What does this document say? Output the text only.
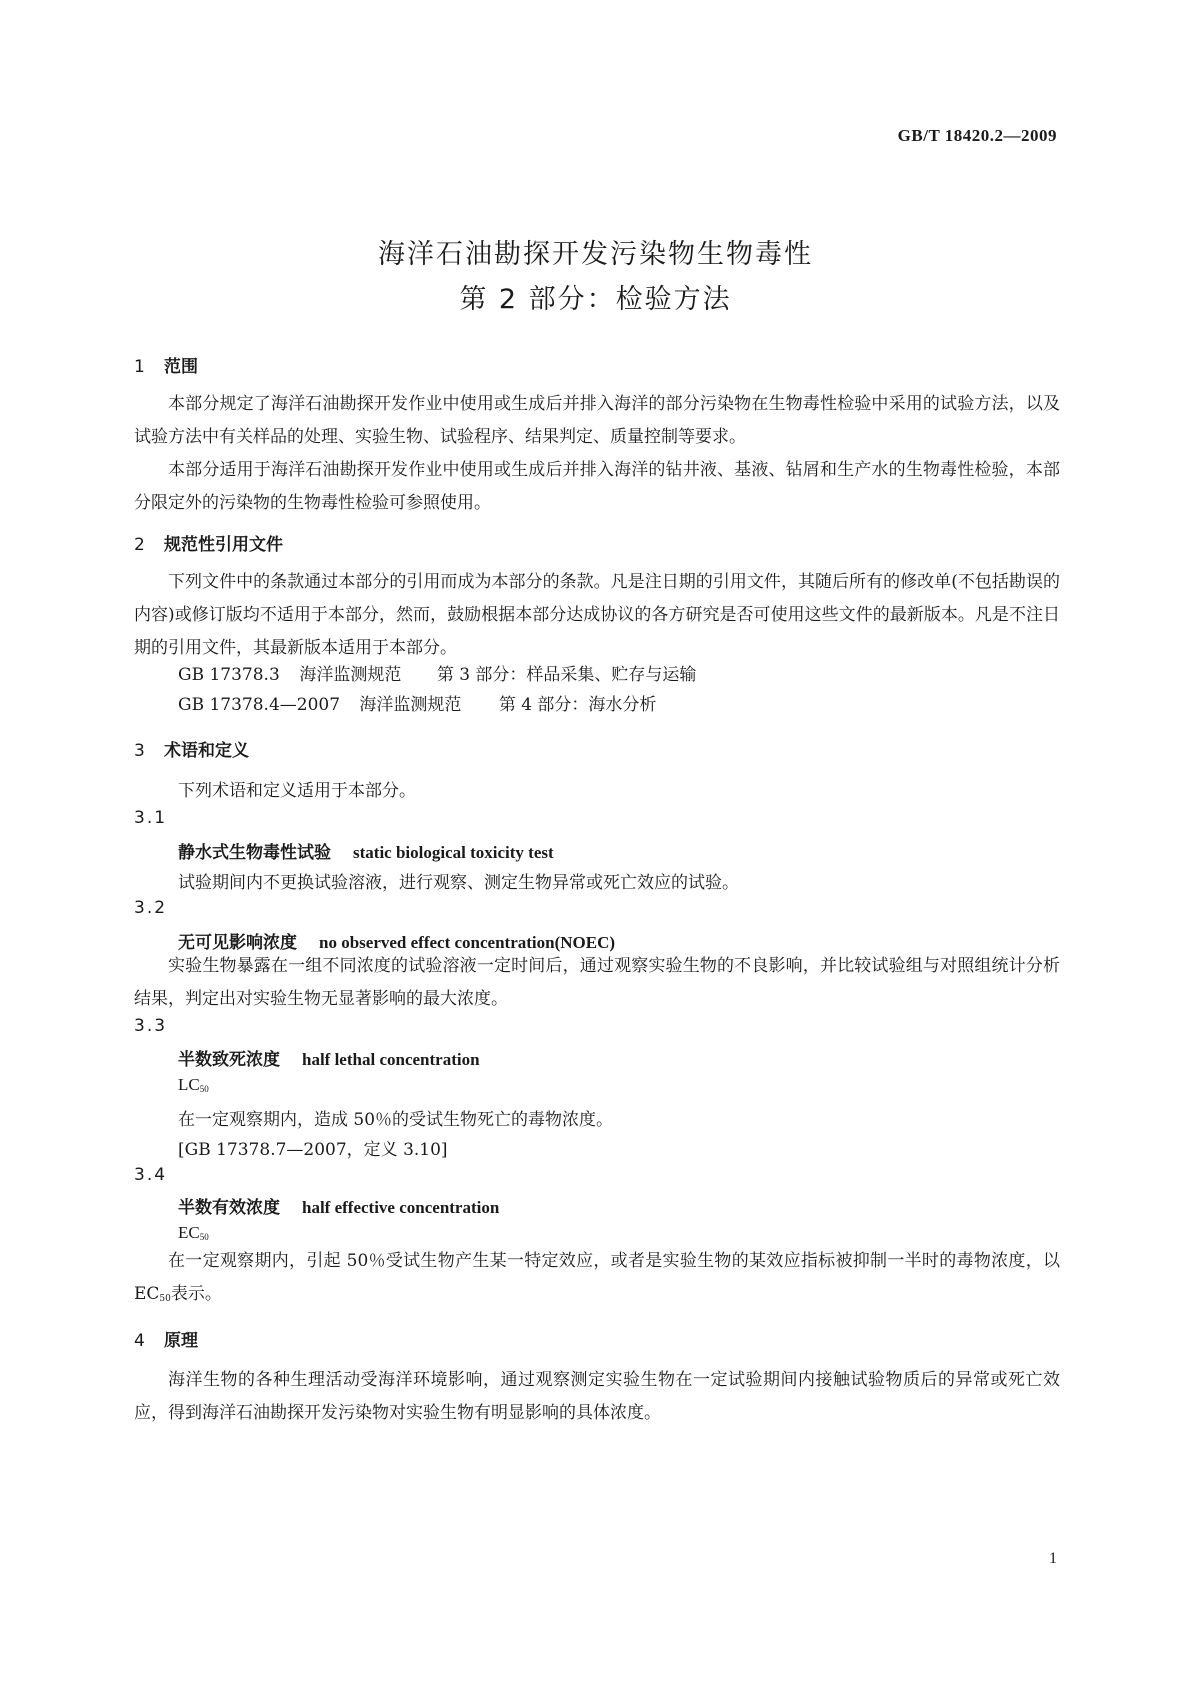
GB/T 18420.2—2009
海洋石油勘探开发污染物生物毒性
第 2 部分：检验方法
1 范围
本部分规定了海洋石油勘探开发作业中使用或生成后并排入海洋的部分污染物在生物毒性检验中采用的试验方法，以及试验方法中有关样品的处理、实验生物、试验程序、结果判定、质量控制等要求。
本部分适用于海洋石油勘探开发作业中使用或生成后并排入海洋的钻井液、基液、钻屑和生产水的生物毒性检验，本部分限定外的污染物的生物毒性检验可参照使用。
2 规范性引用文件
下列文件中的条款通过本部分的引用而成为本部分的条款。凡是注日期的引用文件，其随后所有的修改单(不包括勘误的内容)或修订版均不适用于本部分，然而，鼓励根据本部分达成协议的各方研究是否可使用这些文件的最新版本。凡是不注日期的引用文件，其最新版本适用于本部分。
GB 17378.3 海洋监测规范 第 3 部分：样品采集、贮存与运输
GB 17378.4—2007 海洋监测规范 第 4 部分：海水分析
3 术语和定义
下列术语和定义适用于本部分。
3.1
静水式生物毒性试验 static biological toxicity test
试验期间内不更换试验溶液，进行观察、测定生物异常或死亡效应的试验。
3.2
无可见影响浓度 no observed effect concentration(NOEC)
实验生物暴露在一组不同浓度的试验溶液一定时间后，通过观察实验生物的不良影响，并比较试验组与对照组统计分析结果，判定出对实验生物无显著影响的最大浓度。
3.3
半数致死浓度 half lethal concentration
$LC_{50}$
在一定观察期内，造成 50％的受试生物死亡的毒物浓度。
[GB 17378.7—2007，定义 3.10]
3.4
半数有效浓度 half effective concentration
$EC_{50}$
在一定观察期内，引起 50％受试生物产生某一特定效应，或者是实验生物的某效应指标被抑制一半时的毒物浓度，以 $EC_{50}$表示。
4 原理
海洋生物的各种生理活动受海洋环境影响，通过观察测定实验生物在一定试验期间内接触试验物质后的异常或死亡效应，得到海洋石油勘探开发污染物对实验生物有明显影响的具体浓度。
1
